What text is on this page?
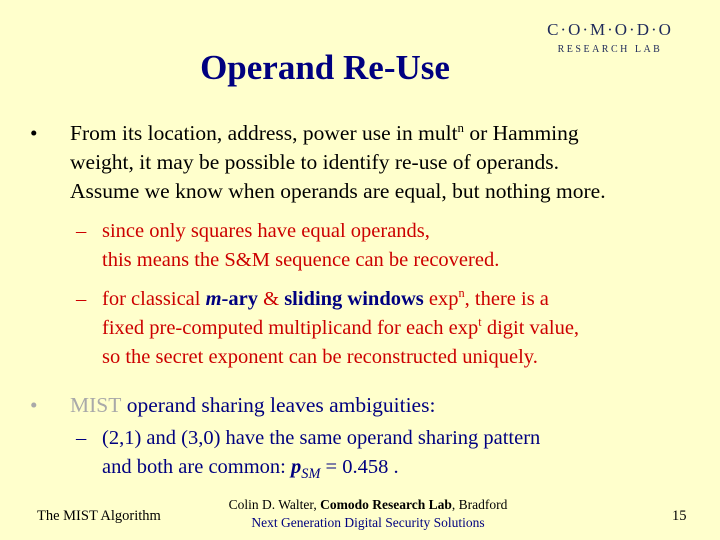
C·O·M·O·D·O
RESEARCH LAB
Operand Re-Use
• From its location, address, power use in mult$^n$ or Hamming
weight, it may be possible to identify re-use of operands.
Assume we know when operands are equal, but nothing more.
– since only squares have equal operands,
this means the S&M sequence can be recovered.
– for classical m-ary & sliding windows $\exp^n$, there is a
fixed pre-computed multiplicand for each $\exp^t$ digit value,
so the secret exponent can be reconstructed uniquely.
• MIST operand sharing leaves ambiguities:
– (2,1) and (3,0) have the same operand sharing pattern
and both are common: $p_{SM} = 0.458$ .
The MIST Algorithm
Colin D. Walter, Comodo Research Lab, Bradford
Next Generation Digital Security Solutions	15
